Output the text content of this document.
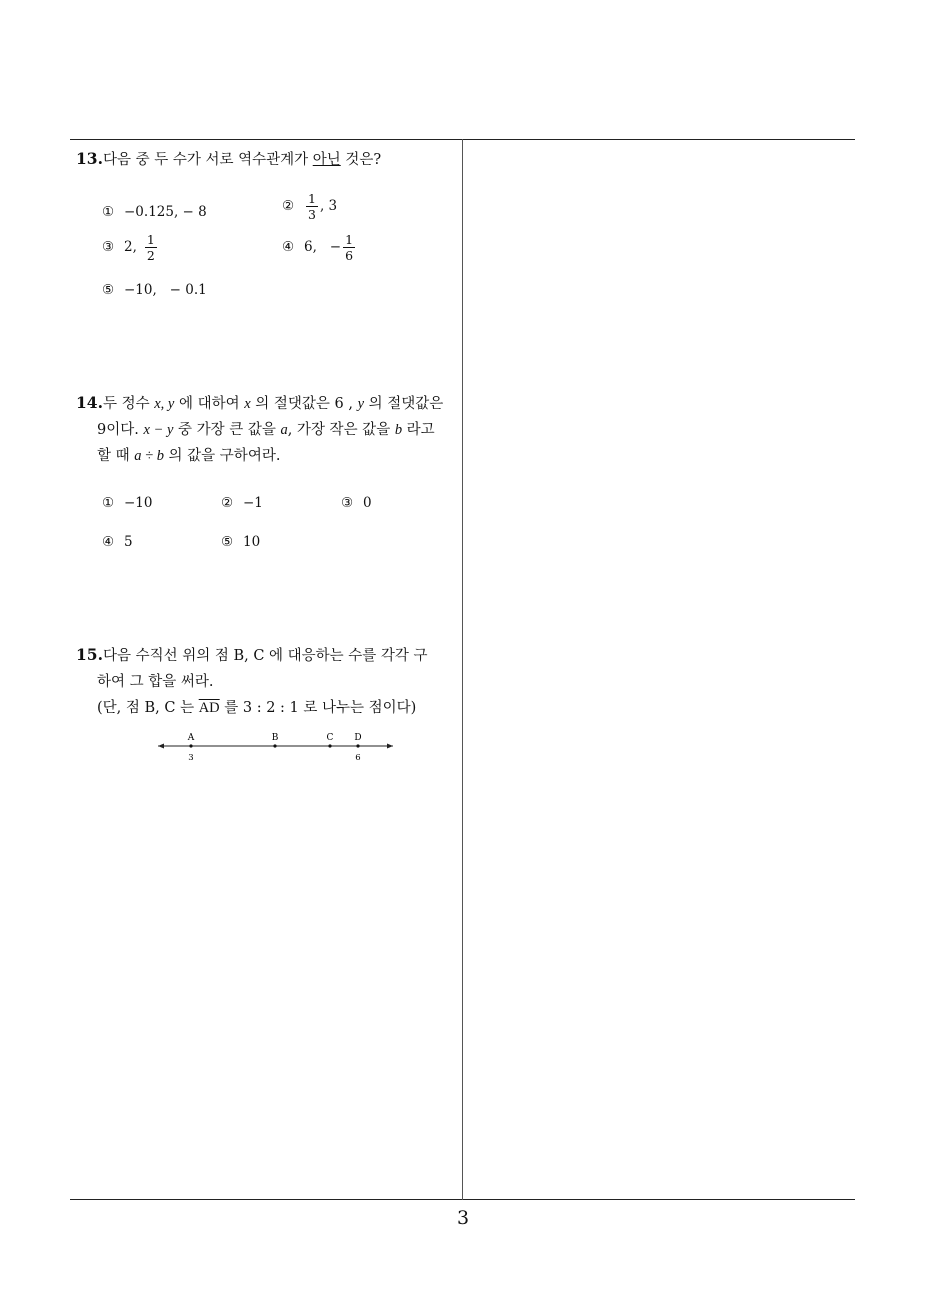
13.다음 중 두 수가 서로 역수관계가 아닌 것은?
① −0.125, − 8	② $\frac{1}{3}$ , 3
③ 2, $\frac{1}{2}$	④ 6,   − $\frac{1}{6}$
⑤ −10,   − 0.1
14.두 정수 x, y 에 대하여 x 의 절댓값은 6 , y 의 절댓값은
9이다. x − y 중 가장 큰 값을 a, 가장 작은 값을 b 라고
할 때 a ÷ b 의 값을 구하여라.
① −10	② −1	③ 0
④ 5	⑤ 10
15.다음 수직선 위의 점 B, C 에 대응하는 수를 각각 구
하여 그 합을 써라.
(단, 점 B, C 는 $\overline{AD}$ 를 3 : 2 : 1 로 나누는 점이다)
A	B	C D
3	6
3
